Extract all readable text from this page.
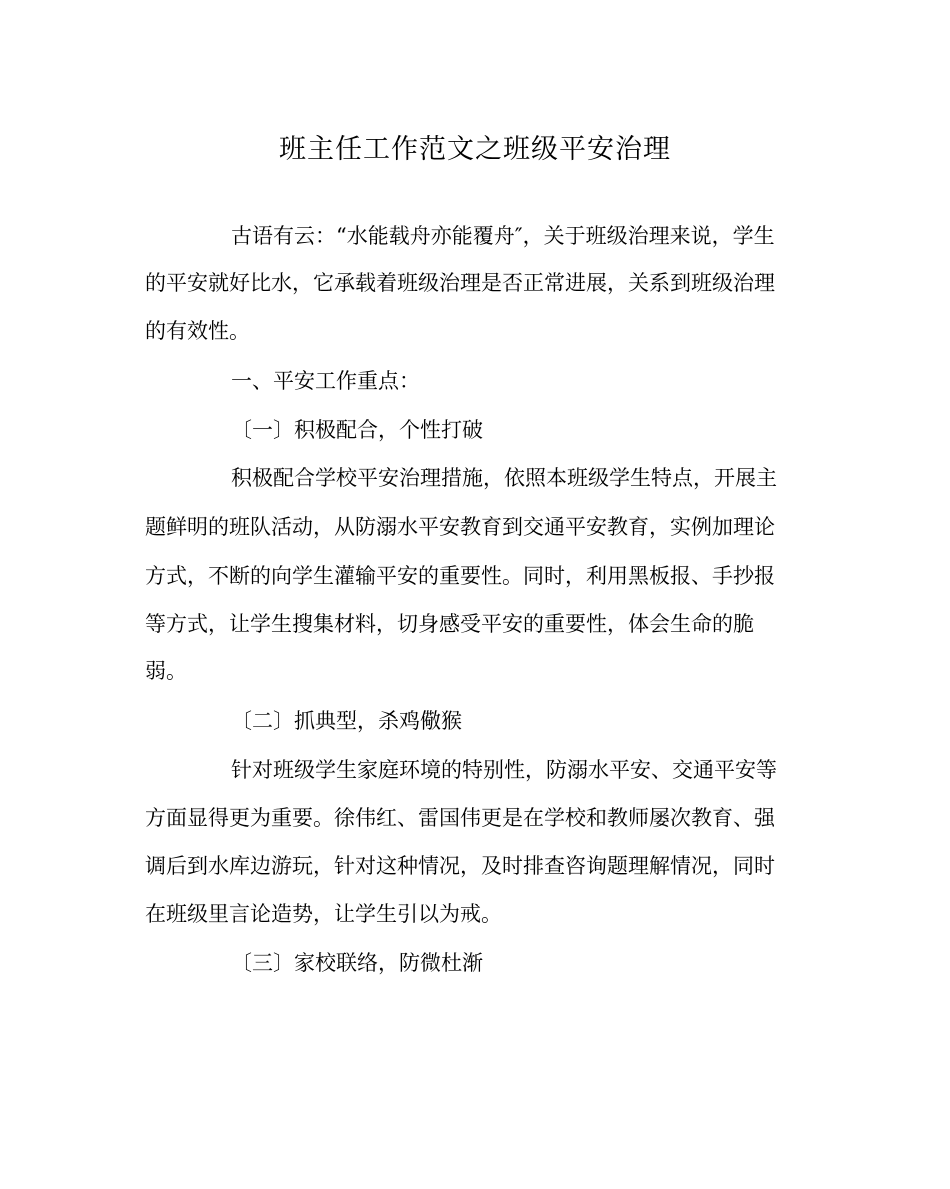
班主任工作范文之班级平安治理

古语有云：“水能载舟亦能覆舟″，关于班级治理来说，学生

的平安就好比水，它承载着班级治理是否正常进展，关系到班级治理

的有效性。

一、平安工作重点：

〔一〕积极配合，个性打破

积极配合学校平安治理措施，依照本班级学生特点，开展主

题鲜明的班队活动，从防溺水平安教育到交通平安教育，实例加理论

方式，不断的向学生灌输平安的重要性。同时，利用黑板报、手抄报

等方式，让学生搜集材料，切身感受平安的重要性，体会生命的脆

弱。

〔二〕抓典型，杀鸡儆猴

针对班级学生家庭环境的特别性，防溺水平安、交通平安等

方面显得更为重要。徐伟红、雷国伟更是在学校和教师屡次教育、强

调后到水库边游玩，针对这种情况，及时排查咨询题理解情况，同时

在班级里言论造势，让学生引以为戒。

〔三〕家校联络，防微杜渐
